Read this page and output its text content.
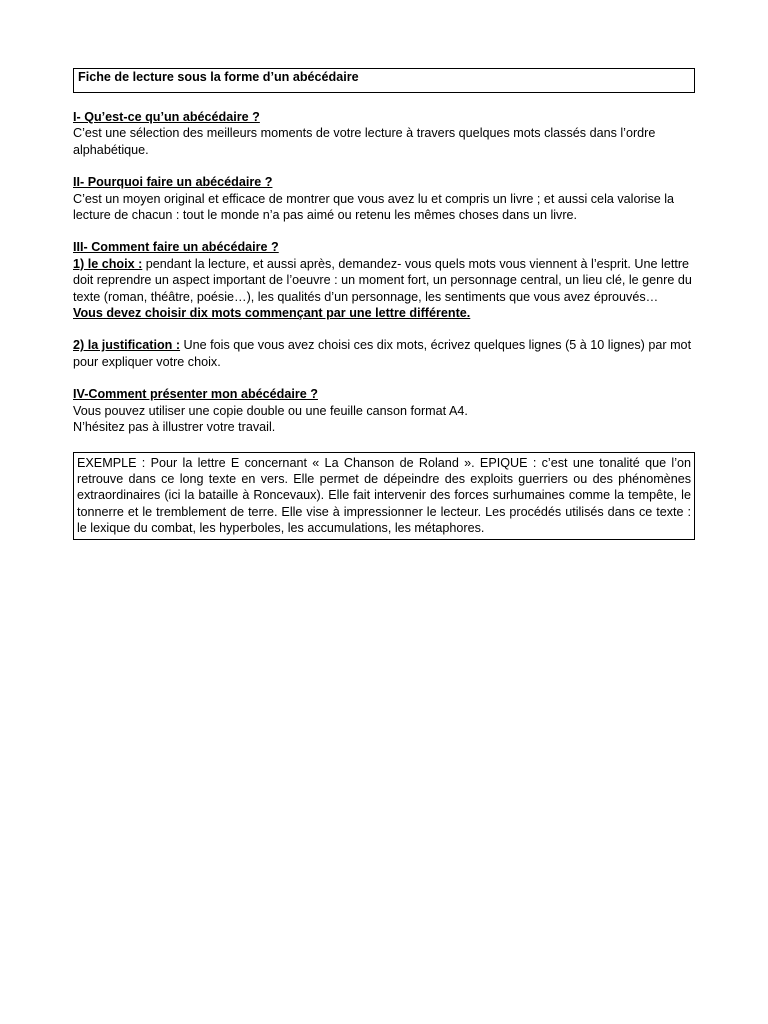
Fiche de lecture sous la forme d’un abécédaire

I- Qu’est-ce qu’un abécédaire ?

C’est une sélection des meilleurs moments de votre lecture à travers quelques mots classés dans l’ordre alphabétique.

II- Pourquoi faire un abécédaire ?

C’est un moyen original et efficace de montrer que vous avez lu et compris un livre ; et aussi cela valorise la lecture de chacun : tout le monde n’a pas aimé ou retenu les mêmes choses dans un livre.

III- Comment faire un abécédaire ?

1) le choix : pendant la lecture, et aussi après, demandez- vous quels mots vous viennent à l’esprit. Une lettre doit reprendre un aspect important de l’oeuvre : un moment fort, un personnage central, un lieu clé, le genre du texte (roman, théâtre, poésie…), les qualités d’un personnage, les sentiments que vous avez éprouvés…

Vous devez choisir dix mots commençant par une lettre différente.

2) la justification : Une fois que vous avez choisi ces dix mots, écrivez quelques lignes (5 à 10 lignes) par mot pour expliquer votre choix.

IV-Comment présenter mon abécédaire ?

Vous pouvez utiliser une copie double ou une feuille canson format A4.

N’hésitez pas à illustrer votre travail.

EXEMPLE : Pour la lettre E concernant « La Chanson de Roland ». EPIQUE : c’est une tonalité que l’on retrouve dans ce long texte en vers. Elle permet de dépeindre des exploits guerriers ou des phénomènes extraordinaires (ici la bataille à Roncevaux). Elle fait intervenir des forces surhumaines comme la tempête, le tonnerre et le tremblement de terre. Elle vise à impressionner le lecteur. Les procédés utilisés dans ce texte : le lexique du combat, les hyperboles, les accumulations, les métaphores.
